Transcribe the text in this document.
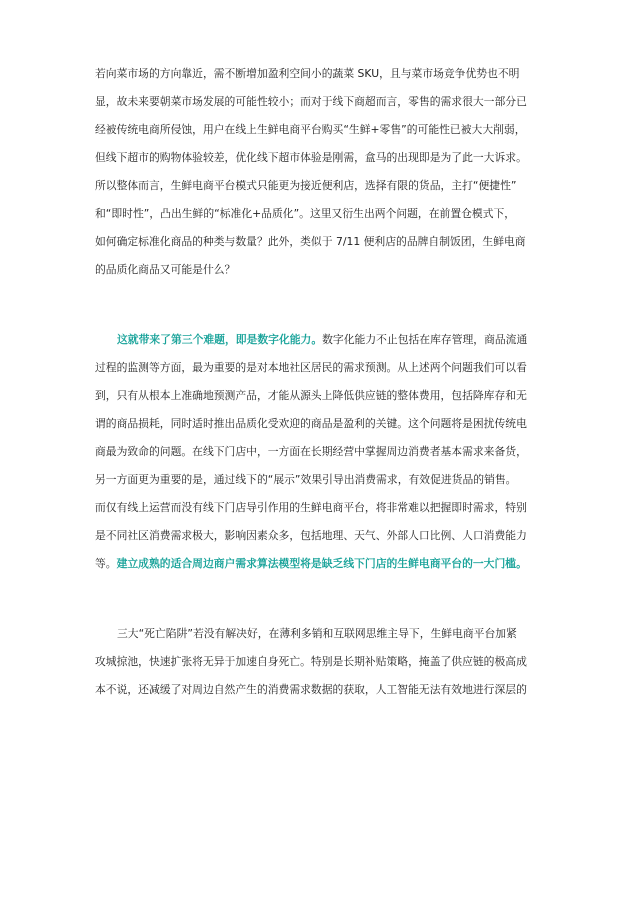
若向菜市场的方向靠近，需不断增加盈利空间小的蔬菜 SKU，且与菜市场竞争优势也不明
显，故未来要朝菜市场发展的可能性较小；而对于线下商超而言，零售的需求很大一部分已
经被传统电商所侵蚀，用户在线上生鲜电商平台购买“生鲜+零售”的可能性已被大大削弱，
但线下超市的购物体验较差，优化线下超市体验是刚需，盒马的出现即是为了此一大诉求。
所以整体而言，生鲜电商平台模式只能更为接近便利店，选择有限的货品，主打“便捷性”
和“即时性”，凸出生鲜的“标准化+品质化”。这里又衍生出两个问题，在前置仓模式下，
如何确定标准化商品的种类与数量？此外，类似于 7/11 便利店的品牌自制饭团，生鲜电商
的品质化商品又可能是什么？
这就带来了第三个难题，即是数字化能力。 数字化能力不止包括在库存管理，商品流通
过程的监测等方面，最为重要的是对本地社区居民的需求预测。从上述两个问题我们可以看
到，只有从根本上准确地预测产品，才能从源头上降低供应链的整体费用，包括降库存和无
谓的商品损耗，同时适时推出品质化受欢迎的商品是盈利的关键。这个问题将是困扰传统电
商最为致命的问题。在线下门店中，一方面在长期经营中掌握周边消费者基本需求来备货，
另一方面更为重要的是，通过线下的“展示”效果引导出消费需求，有效促进货品的销售。
而仅有线上运营而没有线下门店导引作用的生鲜电商平台，将非常难以把握即时需求，特别
是不同社区消费需求极大，影响因素众多，包括地理、天气、外部人口比例、人口消费能力
等。 建立成熟的适合周边商户需求算法模型将是缺乏线下门店的生鲜电商平台的一大门槛。
三大“死亡陷阱”若没有解决好，在薄利多销和互联网思维主导下，生鲜电商平台加紧
攻城掠池，快速扩张将无异于加速自身死亡。特别是长期补贴策略，掩盖了供应链的极高成
本不说，还减缓了对周边自然产生的消费需求数据的获取，人工智能无法有效地进行深层的
